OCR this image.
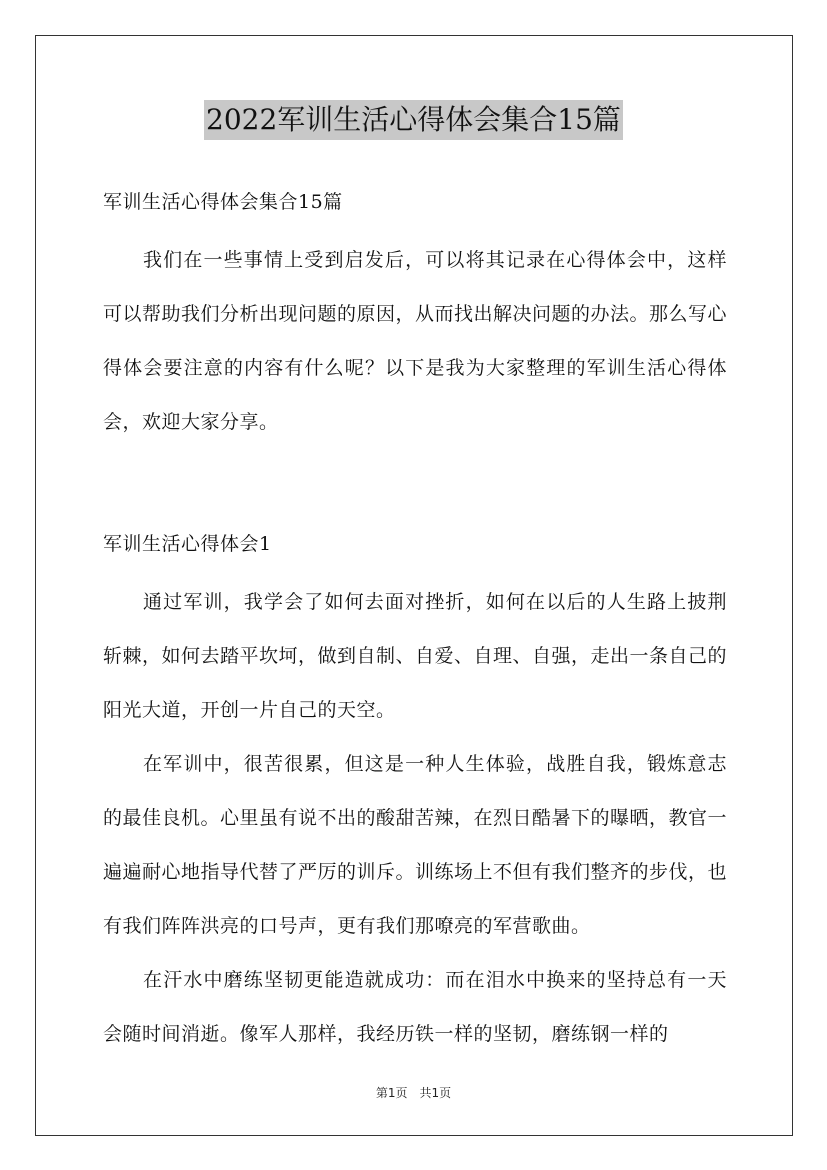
2022军训生活心得体会集合15篇
军训生活心得体会集合15篇
我们在一些事情上受到启发后，可以将其记录在心得体会中，这样可以帮助我们分析出现问题的原因，从而找出解决问题的办法。那么写心得体会要注意的内容有什么呢？以下是我为大家整理的军训生活心得体会，欢迎大家分享。
军训生活心得体会1
通过军训，我学会了如何去面对挫折，如何在以后的人生路上披荆斩棘，如何去踏平坎坷，做到自制、自爱、自理、自强，走出一条自己的阳光大道，开创一片自己的天空。
在军训中，很苦很累，但这是一种人生体验，战胜自我，锻炼意志的最佳良机。心里虽有说不出的酸甜苦辣，在烈日酷暑下的曝晒，教官一遍遍耐心地指导代替了严厉的训斥。训练场上不但有我们整齐的步伐，也有我们阵阵洪亮的口号声，更有我们那嘹亮的军营歌曲。
在汗水中磨练坚韧更能造就成功：而在泪水中换来的坚持总有一天会随时间消逝。像军人那样，我经历铁一样的坚韧，磨练钢一样的
第1页　共1页
